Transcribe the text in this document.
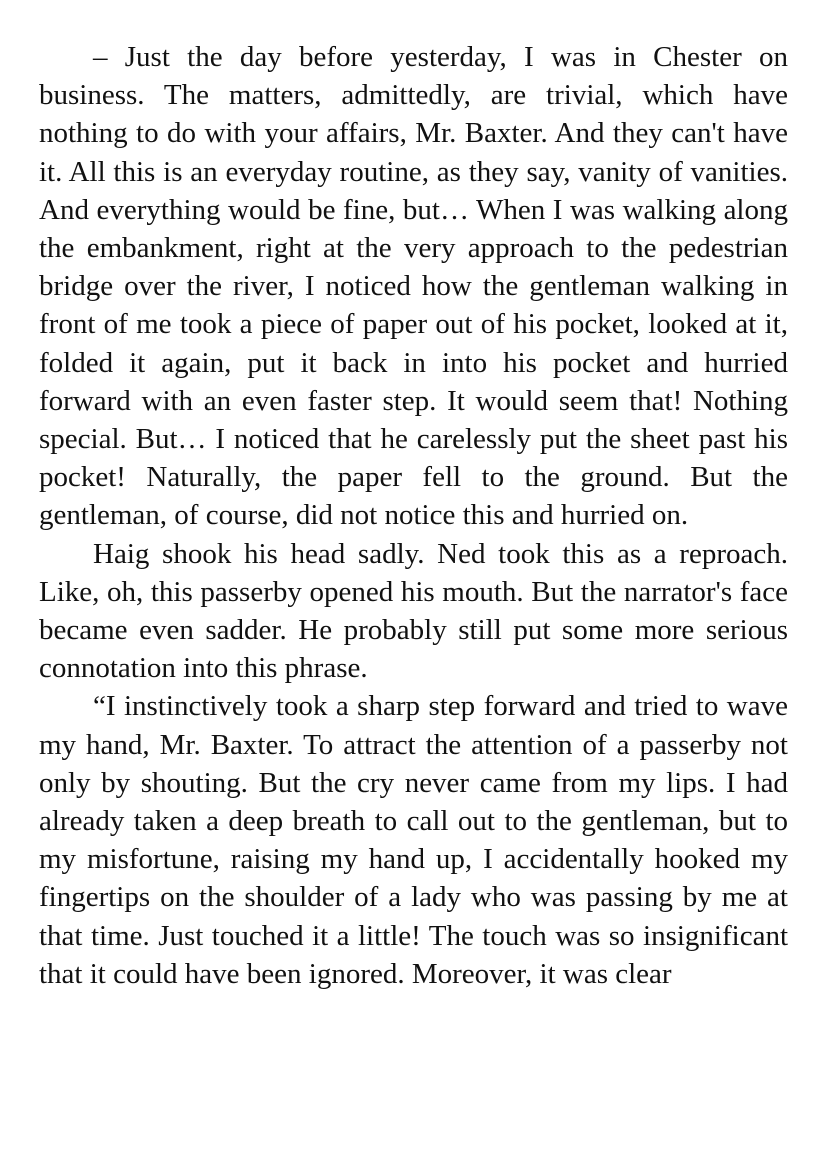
– Just the day before yesterday, I was in Chester on business. The matters, admittedly, are trivial, which have nothing to do with your affairs, Mr. Baxter. And they can't have it. All this is an everyday routine, as they say, vanity of vanities. And everything would be fine, but… When I was walking along the embankment, right at the very approach to the pedestrian bridge over the river, I noticed how the gentleman walking in front of me took a piece of paper out of his pocket, looked at it, folded it again, put it back in into his pocket and hurried forward with an even faster step. It would seem that! Nothing special. But… I noticed that he carelessly put the sheet past his pocket! Naturally, the paper fell to the ground. But the gentleman, of course, did not notice this and hurried on.

Haig shook his head sadly. Ned took this as a reproach. Like, oh, this passerby opened his mouth. But the narrator's face became even sadder. He probably still put some more serious connotation into this phrase.

“I instinctively took a sharp step forward and tried to wave my hand, Mr. Baxter. To attract the attention of a passerby not only by shouting. But the cry never came from my lips. I had already taken a deep breath to call out to the gentleman, but to my misfortune, raising my hand up, I accidentally hooked my fingertips on the shoulder of a lady who was passing by me at that time. Just touched it a little! The touch was so insignificant that it could have been ignored. Moreover, it was clear
